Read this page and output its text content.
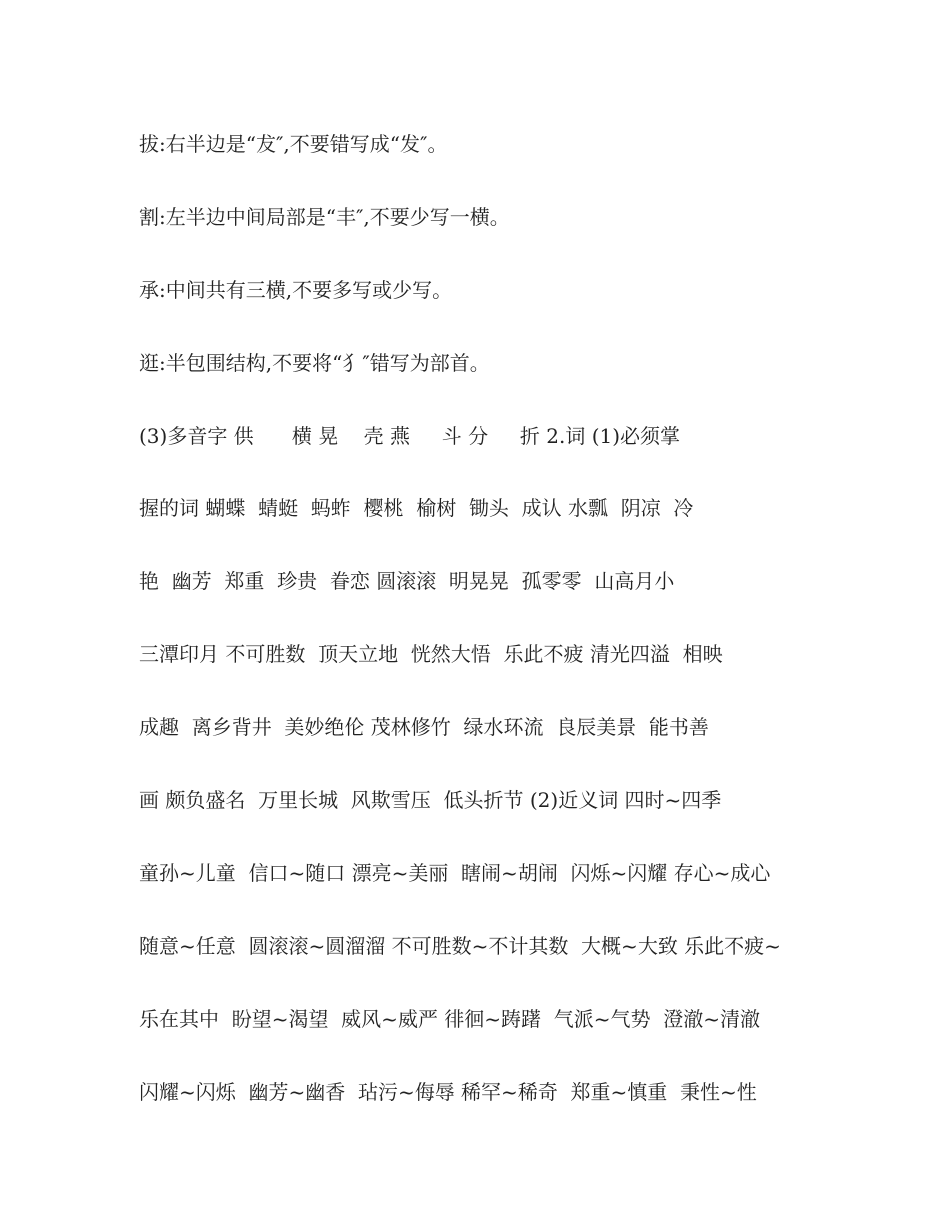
拔:右半边是“犮″,不要错写成“发″。
割:左半边中间局部是“丰″,不要少写一横。
承:中间共有三横,不要多写或少写。
逛:半包围结构,不要将“犭″错写为部首。
(3)多音字 供      横 晃    壳 燕     斗 分     折 2.词 (1)必须掌
握的词 蝴蝶  蜻蜓  蚂蚱  樱桃  榆树  锄头  成认 水瓢  阴凉  冷
艳  幽芳  郑重  珍贵  眷恋 圆滚滚  明晃晃  孤零零  山高月小
三潭印月 不可胜数  顶天立地  恍然大悟  乐此不疲 清光四溢  相映
成趣  离乡背井  美妙绝伦 茂林修竹  绿水环流  良辰美景  能书善
画 颇负盛名  万里长城  风欺雪压  低头折节 (2)近义词 四时~四季
童孙~儿童  信口~随口 漂亮~美丽  瞎闹~胡闹  闪烁~闪耀 存心~成心
随意~任意  圆滚滚~圆溜溜 不可胜数~不计其数  大概~大致 乐此不疲~
乐在其中  盼望~渴望  威风~威严 徘徊~踌躇  气派~气势  澄澈~清澈
闪耀~闪烁  幽芳~幽香  玷污~侮辱 稀罕~稀奇  郑重~慎重  秉性~性
